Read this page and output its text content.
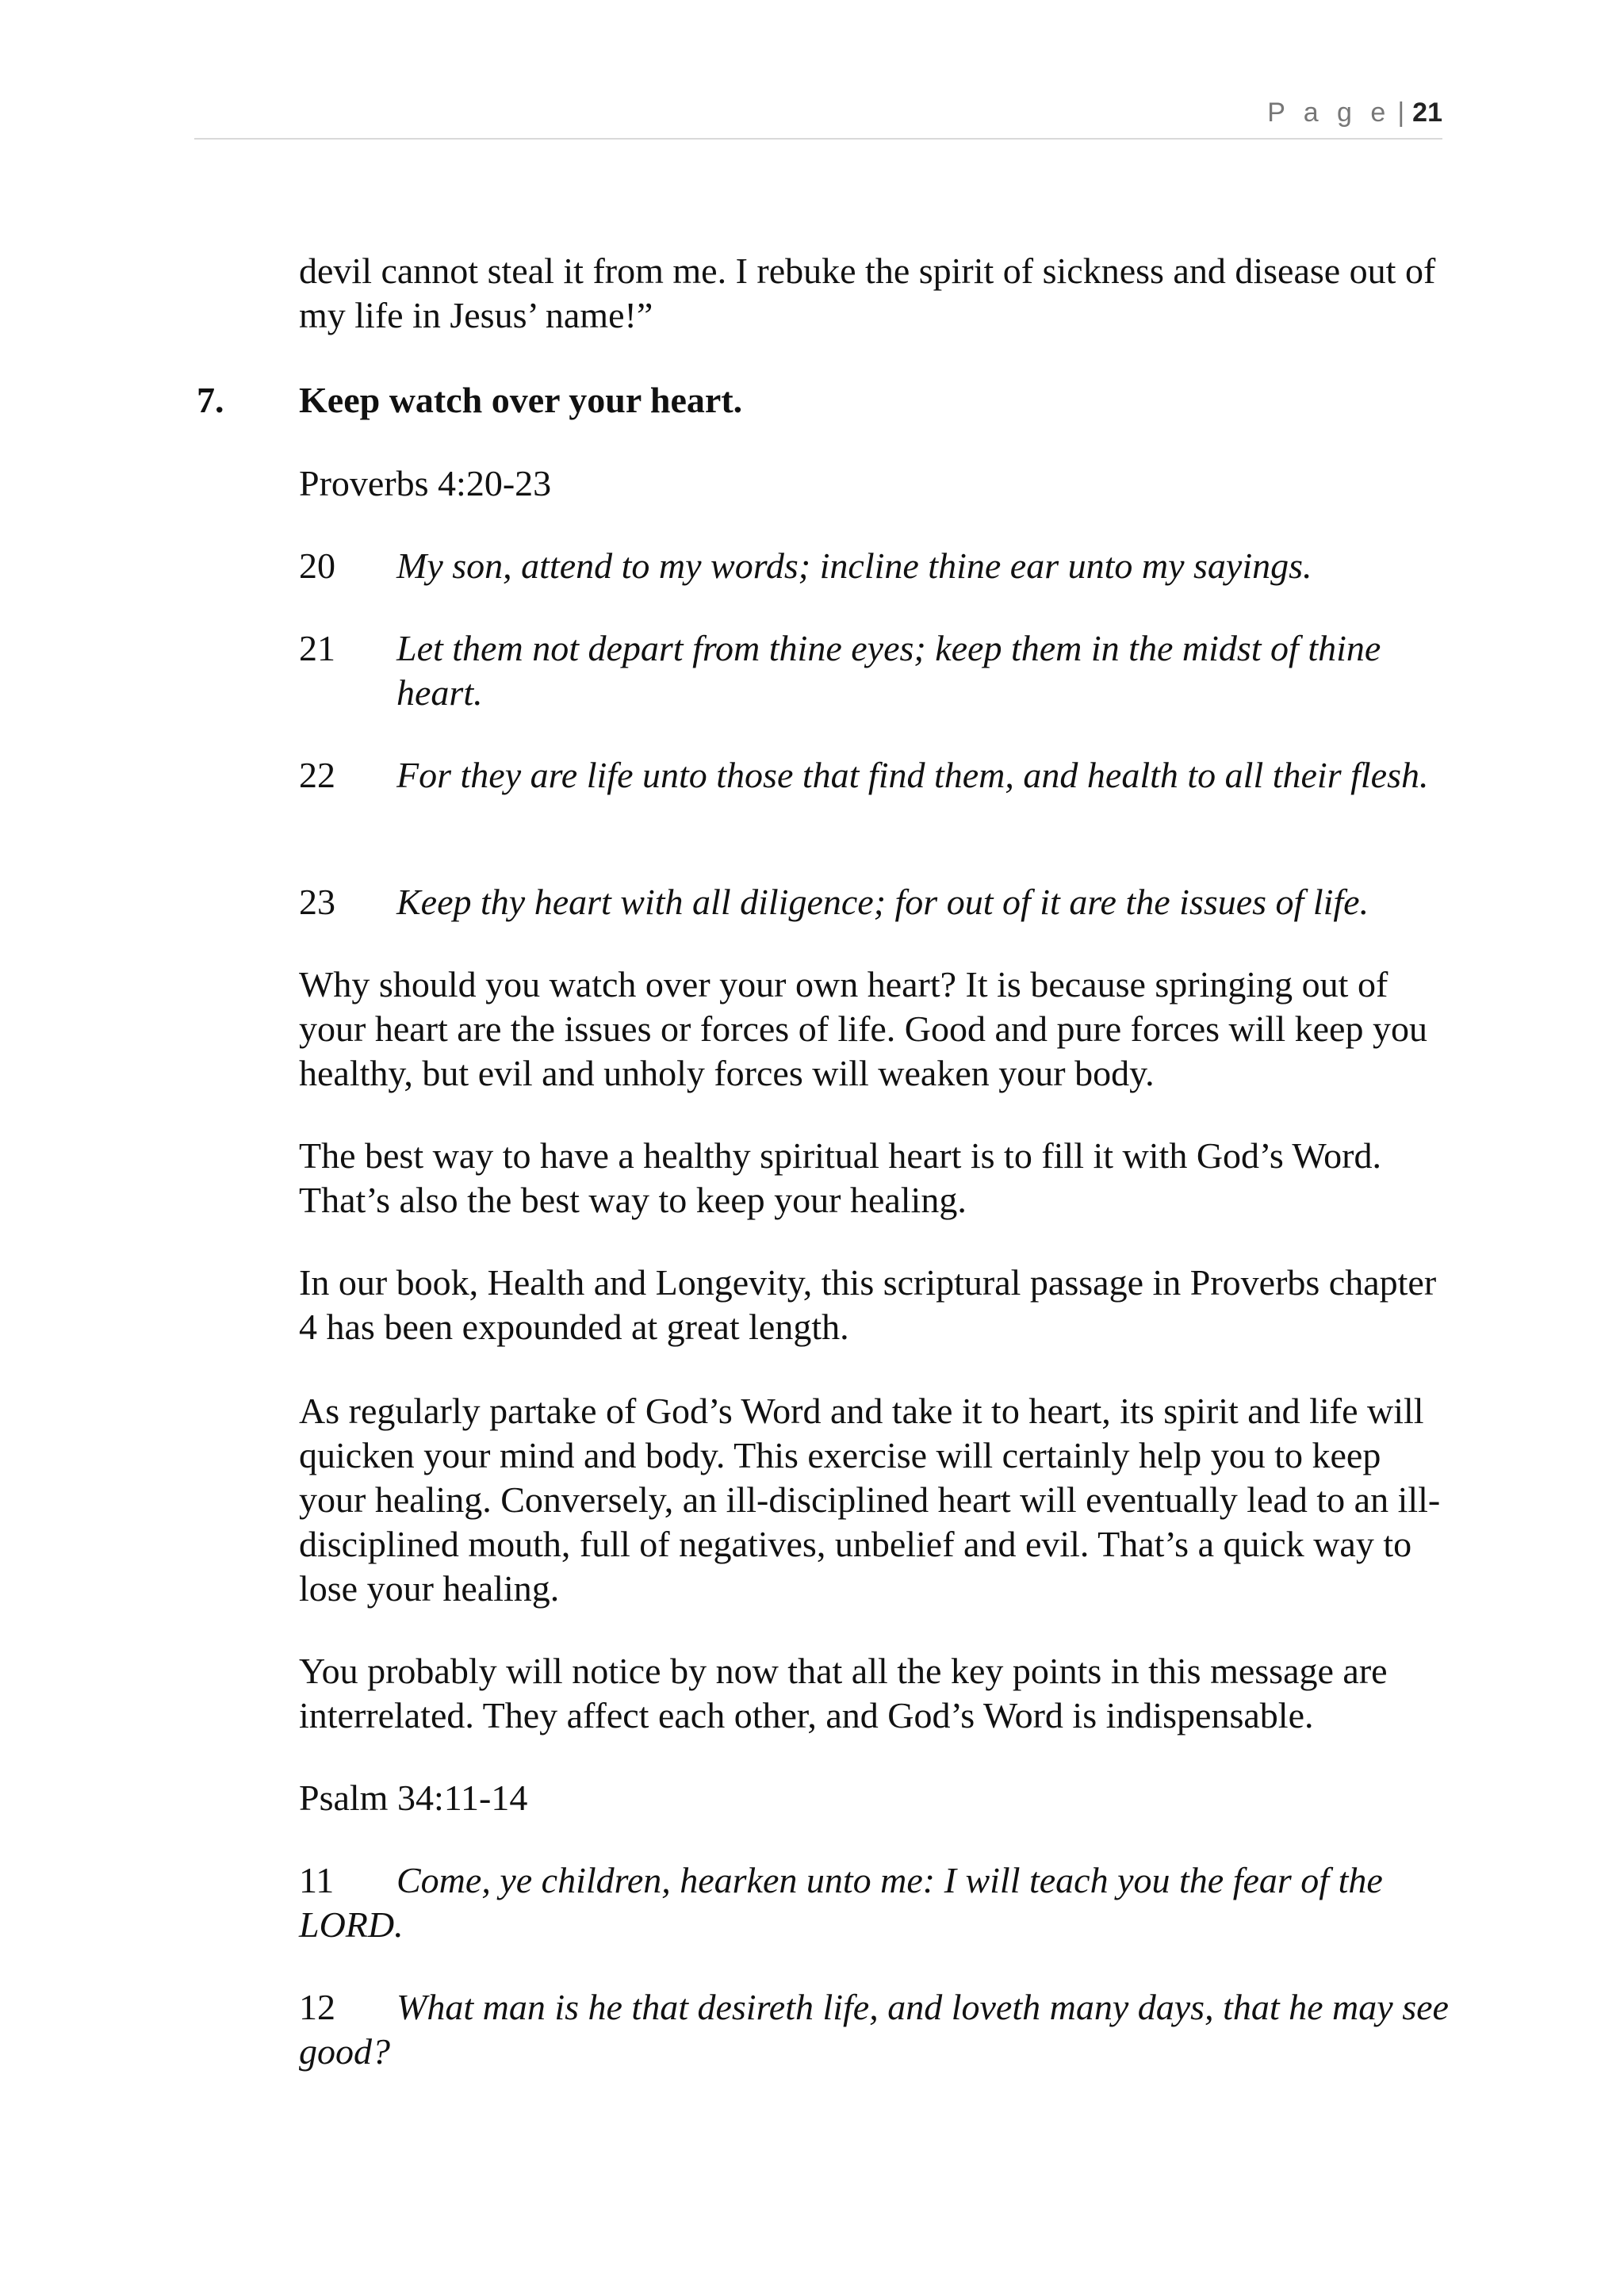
P a g e | 21
devil cannot steal it from me. I rebuke the spirit of sickness and disease out of my life in Jesus’ name!”
7. Keep watch over your heart.
Proverbs 4:20-23
20 My son, attend to my words; incline thine ear unto my sayings.
21 Let them not depart from thine eyes; keep them in the midst of thine heart.
22 For they are life unto those that find them, and health to all their flesh.
23 Keep thy heart with all diligence; for out of it are the issues of life.
Why should you watch over your own heart? It is because springing out of your heart are the issues or forces of life. Good and pure forces will keep you healthy, but evil and unholy forces will weaken your body.
The best way to have a healthy spiritual heart is to fill it with God’s Word. That’s also the best way to keep your healing.
In our book, Health and Longevity, this scriptural passage in Proverbs chapter 4 has been expounded at great length.
As regularly partake of God’s Word and take it to heart, its spirit and life will quicken your mind and body. This exercise will certainly help you to keep your healing. Conversely, an ill-disciplined heart will eventually lead to an ill-disciplined mouth, full of negatives, unbelief and evil. That’s a quick way to lose your healing.
You probably will notice by now that all the key points in this message are interrelated. They affect each other, and God’s Word is indispensable.
Psalm 34:11-14
11 Come, ye children, hearken unto me: I will teach you the fear of the LORD.
12 What man is he that desireth life, and loveth many days, that he may see good?
